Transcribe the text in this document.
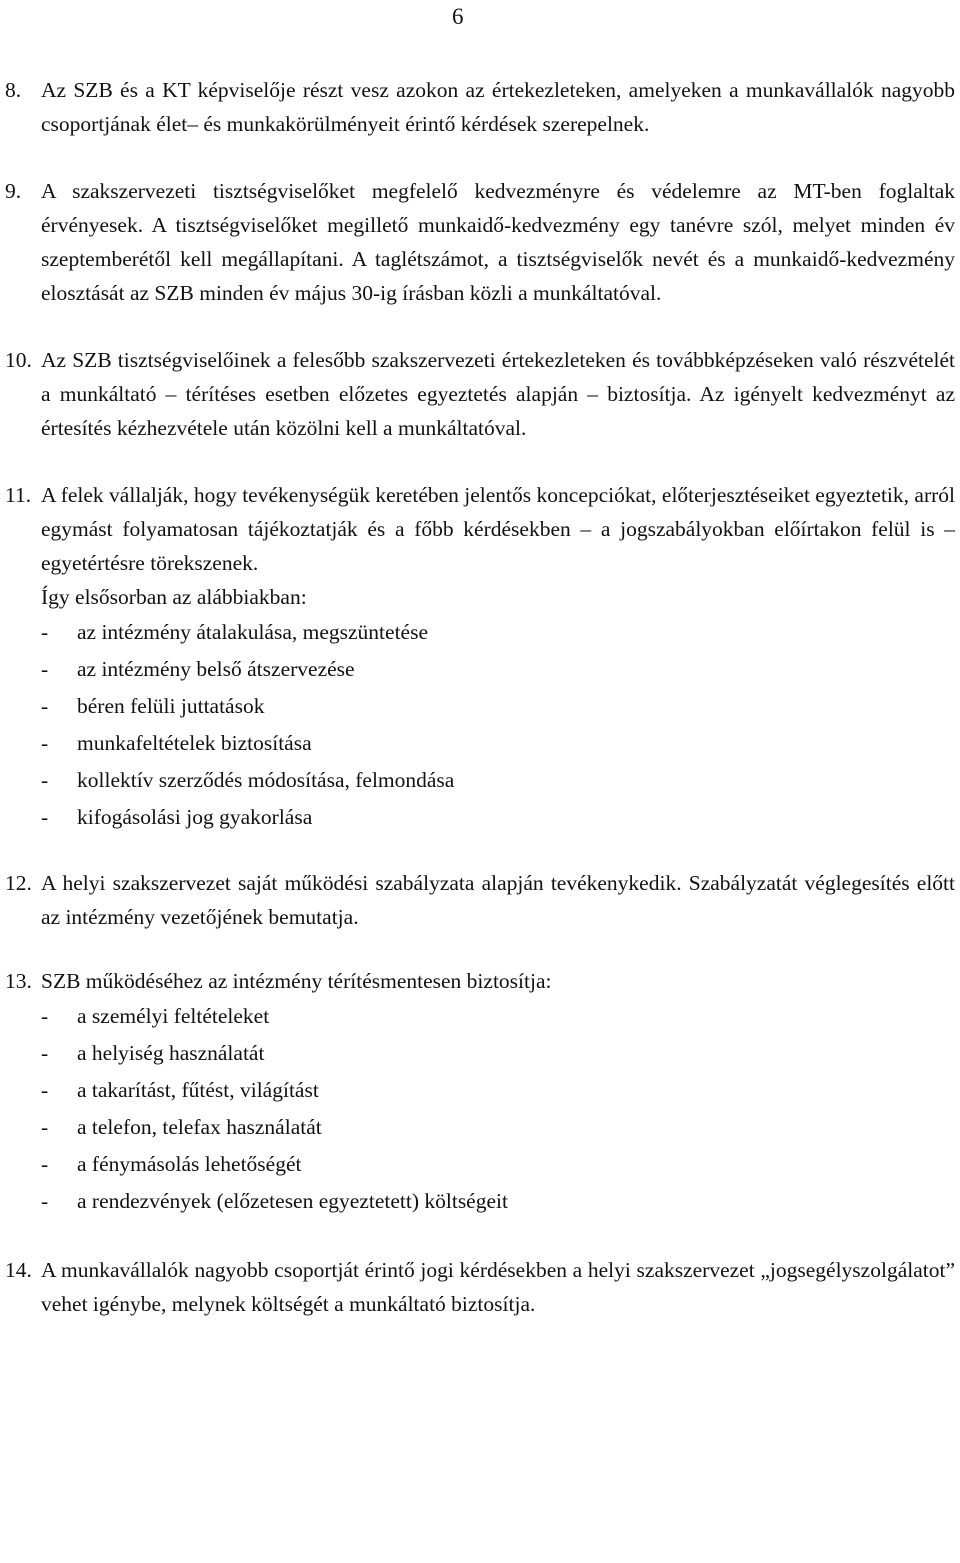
6
8. Az SZB és a KT képviselője részt vesz azokon az értekezleteken, amelyeken a munkavállalók nagyobb csoportjának élet– és munkakörülményeit érintő kérdések szerepelnek.

9. A szakszervezeti tisztségviselőket megfelelő kedvezményre és védelemre az MT-ben foglaltak érvényesek. A tisztségviselőket megillető munkaidő-kedvezmény egy tanévre szól, melyet minden év szeptemberétől kell megállapítani. A taglétszámot, a tisztségviselők nevét és a munkaidő-kedvezmény elosztását az SZB minden év május 30-ig írásban közli a munkáltatóval.

10. Az SZB tisztségviselőinek a felesőbb szakszervezeti értekezleteken és továbbképzéseken való részvételét a munkáltató – térítéses esetben előzetes egyeztetés alapján – biztosítja. Az igényelt kedvezményt az értesítés kézhezvétele után közölni kell a munkáltatóval.

11. A felek vállalják, hogy tevékenységük keretében jelentős koncepciókat, előterjesztéseiket egyeztetik, arról egymást folyamatosan tájékoztatják és a főbb kérdésekben – a jogszabályokban előírtakon felül is – egyetértésre törekszenek.

Így elsősorban az alábbiakban:

- az intézmény átalakulása, megszüntetése
- az intézmény belső átszervezése
- béren felüli juttatások
- munkafeltételek biztosítása
- kollektív szerződés módosítása, felmondása
- kifogásolási jog gyakorlása
12. A helyi szakszervezet saját működési szabályzata alapján tevékenykedik. Szabályzatát véglegesítés előtt az intézmény vezetőjének bemutatja.

13. SZB működéséhez az intézmény térítésmentesen biztosítja:

- a személyi feltételeket
- a helyiség használatát
- a takarítást, fűtést, világítást
- a telefon, telefax használatát
- a fénymásolás lehetőségét
- a rendezvények (előzetesen egyeztetett) költségeit
14. A munkavállalók nagyobb csoportját érintő jogi kérdésekben a helyi szakszervezet „jogsegélyszolgálatot” vehet igénybe, melynek költségét a munkáltató biztosítja.
